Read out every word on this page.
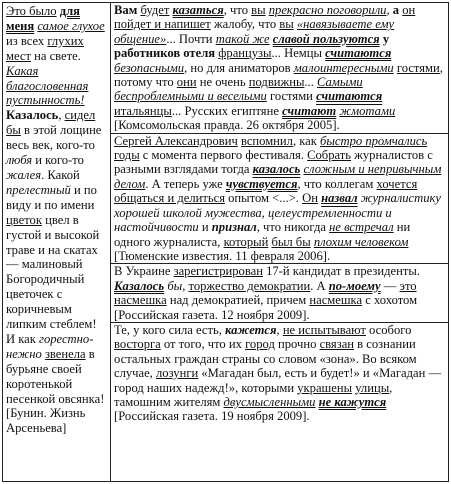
Это было для меня самое глухое из всех глухих мест на свете. Какая благословенная пустынность! Казалось, сидел бы в этой лощине весь век, кого-то любя и кого-то жалея. Какой прелестный и по виду и по имени цветок цвел в густой и высокой траве и на скатах — малиновый Богородичный цветочек с коричневым липким стеблем! И как горестно-нежно звенела в бурьяне своей коротенькой песенкой овсянка! [Бунин. Жизнь Арсеньева]

Вам будет казаться, что вы прекрасно поговорили, а он пойдет и напишет жалобу, что вы «навязываете ему общение»... Почти такой же славой пользуются у работников отеля французы... Немцы считаются безопасными, но для аниматоров малоинтересными гостями, потому что они не очень подвижны... Самыми беспроблемными и веселыми гостями считаются итальянцы... Русских египтяне считают жмотами [Комсомольская правда. 26 октября 2005].

Сергей Александрович вспомнил, как быстро промчались годы с момента первого фестиваля. Собрать журналистов с разными взглядами тогда казалось сложным и непривычным делом. А теперь уже чувствуется, что коллегам хочется общаться и делиться опытом <...>. Он назвал журналистику хорошей школой мужества, целеустремленности и настойчивости и признал, что никогда не встречал ни одного журналиста, который был бы плохим человеком [Тюменские известия. 11 февраля 2006].

В Украине зарегистрирован 17-й кандидат в президенты. Казалось бы, торжество демократии. А по-моему — это насмешка над демократией, причем насмешка с хохотом [Российская газета. 12 ноября 2009].

Те, у кого сила есть, кажется, не испытывают особого восторга от того, что их город прочно связан в сознании остальных граждан страны со словом «зона». Во всяком случае, лозунги «Магадан был, есть и будет!» и «Магадан — город наших надежд!», которыми украшены улицы, тамошним жителям двусмысленными не кажутся [Российская газета. 19 ноября 2009].
